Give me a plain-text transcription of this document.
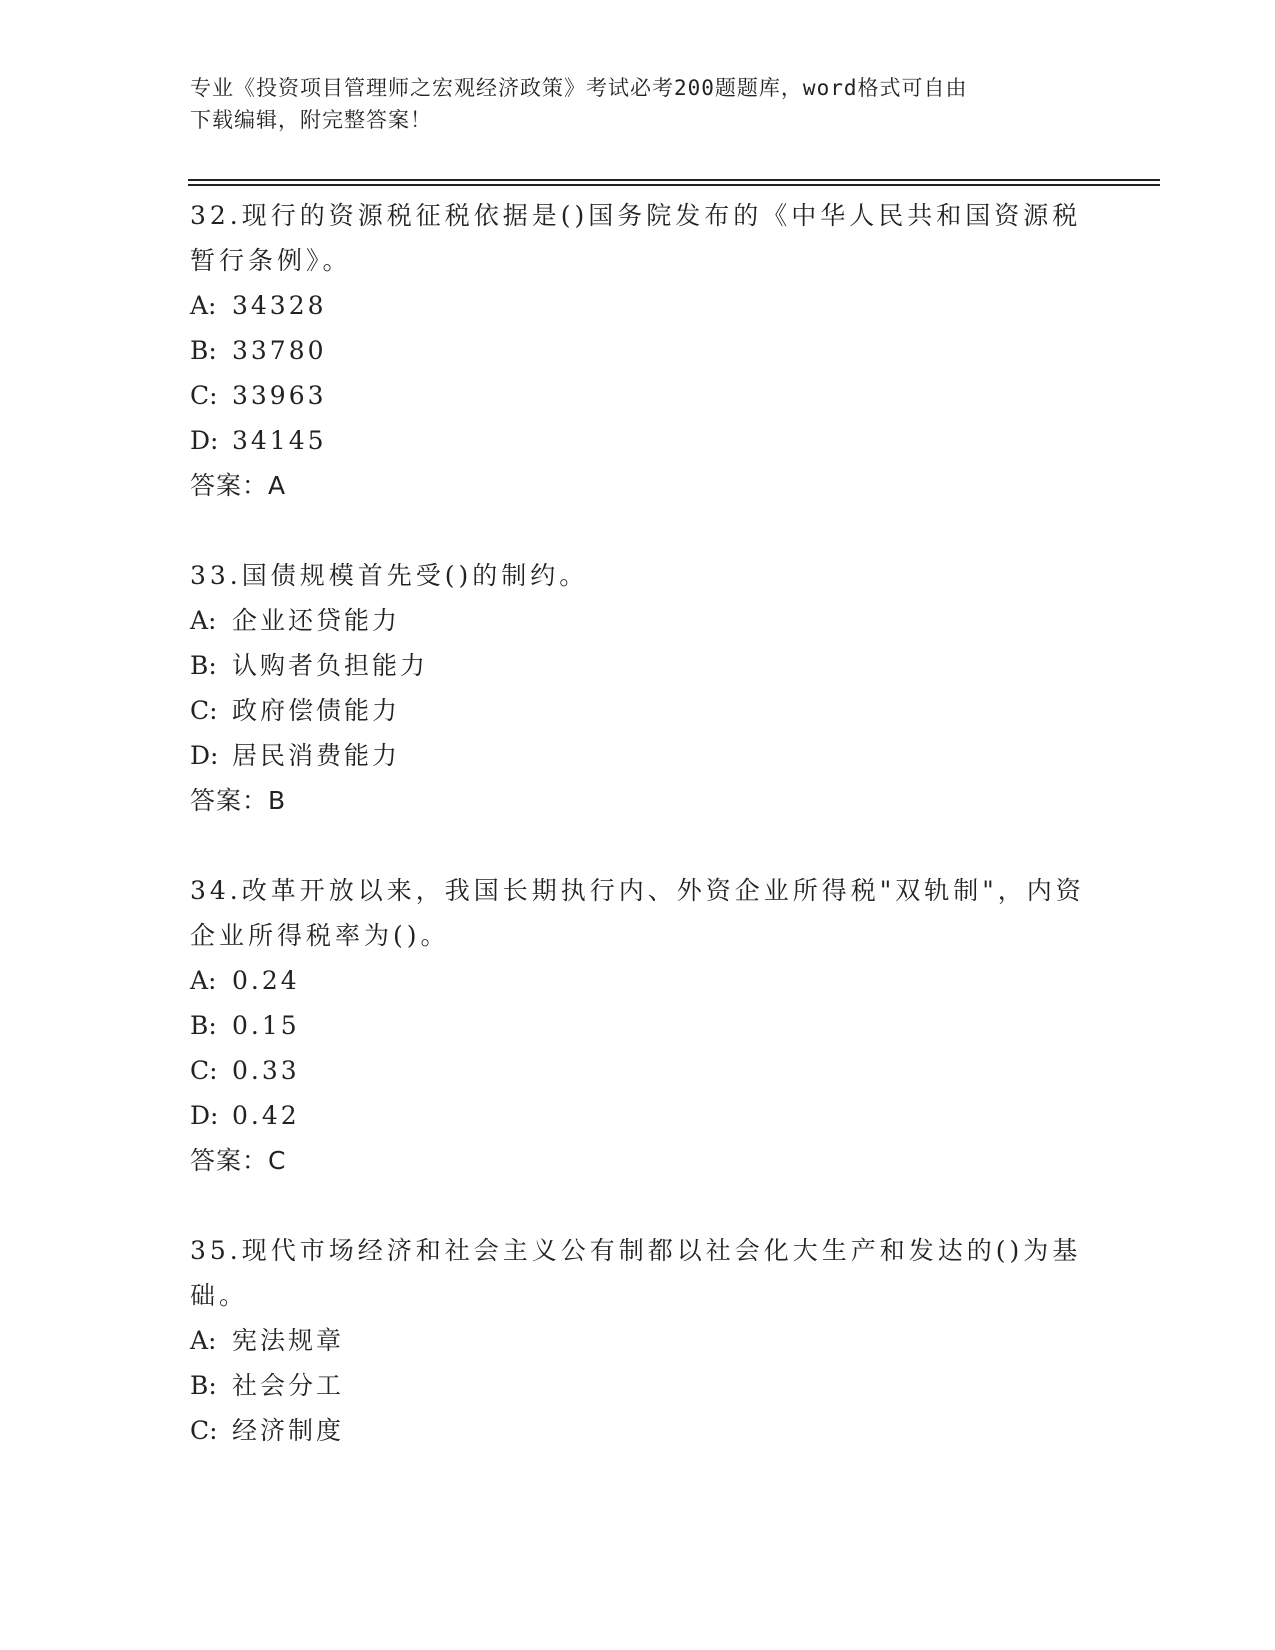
专业《投资项目管理师之宏观经济政策》考试必考200题题库，word格式可自由
下载编辑，附完整答案！

32.现行的资源税征税依据是()国务院发布的《中华人民共和国资源税
暂行条例》。

A: 34328

B: 33780

C: 33963

D: 34145

答案：A

33.国债规模首先受()的制约。

A: 企业还贷能力

B: 认购者负担能力

C: 政府偿债能力

D: 居民消费能力

答案：B

34.改革开放以来，我国长期执行内、外资企业所得税"双轨制"，内资
企业所得税率为()。

A: 0.24

B: 0.15

C: 0.33

D: 0.42

答案：C

35.现代市场经济和社会主义公有制都以社会化大生产和发达的()为基
础。

A: 宪法规章

B: 社会分工

C: 经济制度
